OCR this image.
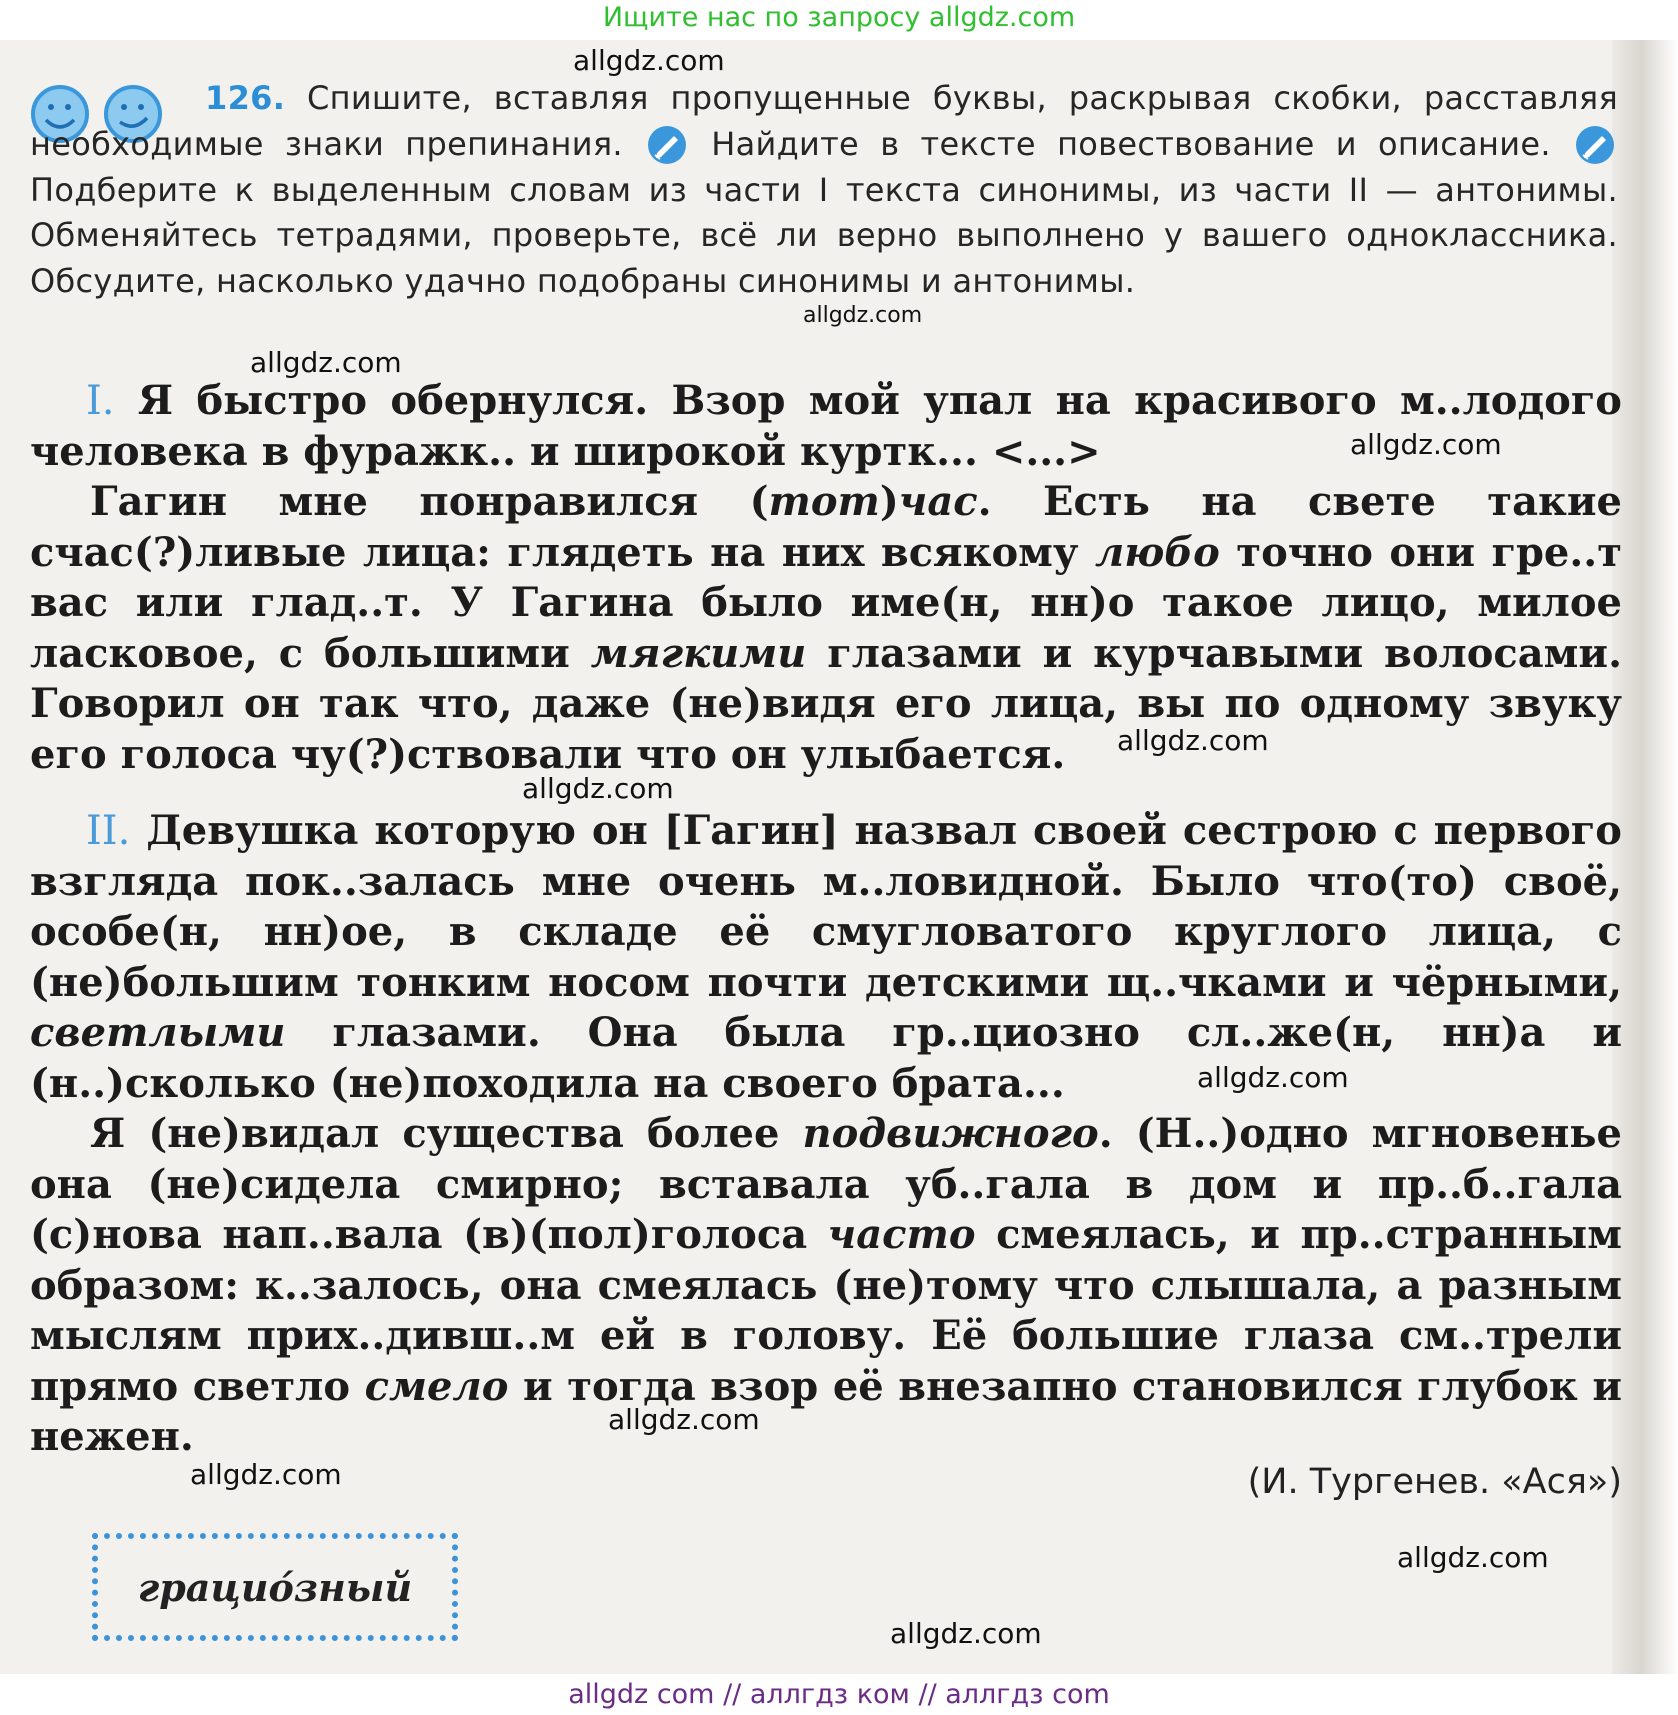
Ищите нас по запросу allgdz.com
126. Спишите, вставляя пропущенные буквы, раскрывая скобки, расставляя необходимые знаки препинания.	Найдите в тексте повествование и описание.  Подберите к выделенным словам из части I текста синонимы, из части II — антонимы. Обменяйтесь тетрадями, проверьте, всё ли верно выполнено у вашего одноклассника. Обсудите, насколько удачно подобраны синонимы и антонимы.

I. Я быстро обернулся. Взор мой упал на красивого м..лодого человека в фуражк.. и широкой куртк... <...>

Гагин мне понравился (тот)час. Есть на свете такие счас(?)ливые лица: глядеть на них всякому любо точно они гре..т вас или глад..т. У Гагина было име(н, нн)о такое лицо, милое ласковое, с большими мягкими глазами и курчавыми волосами. Говорил он так что, даже (не)видя его лица, вы по одному звуку его голоса чу(?)ствовали что он улыбается.

II. Девушка которую он [Гагин] назвал своей сестрою с первого взгляда пок..залась мне очень м..ловидной. Было что(то) своё, особе(н, нн)ое, в складе её смугловатого круглого лица, с (не)большим тонким носом почти детскими щ..чками и чёрными, светлыми глазами. Она была гр..циозно сл..же(н, нн)а и (н..)сколько (не)походила на своего брата...

Я (не)видал существа более подвижного. (Н..)одно мгновенье она (не)сидела смирно; вставала уб..гала в дом и пр..б..гала (с)нова нап..вала (в)(пол)голоса часто смеялась, и пр..странным образом: к..залось, она смеялась (не)тому что слышала, а разным мыслям прих..дивш..м ей в голову. Её большие глаза см..трели прямо светло смело и тогда взор её внезапно становился глубок и нежен.

(И. Тургенев. «Ася»)
грацио́зный
allgdz.com
allgdz.com
allgdz.com
allgdz.com
allgdz.com
allgdz.com
allgdz.com
allgdz.com
allgdz.com
allgdz.com
allgdz.com
allgdz com // аллгдз ком // аллгдз com
